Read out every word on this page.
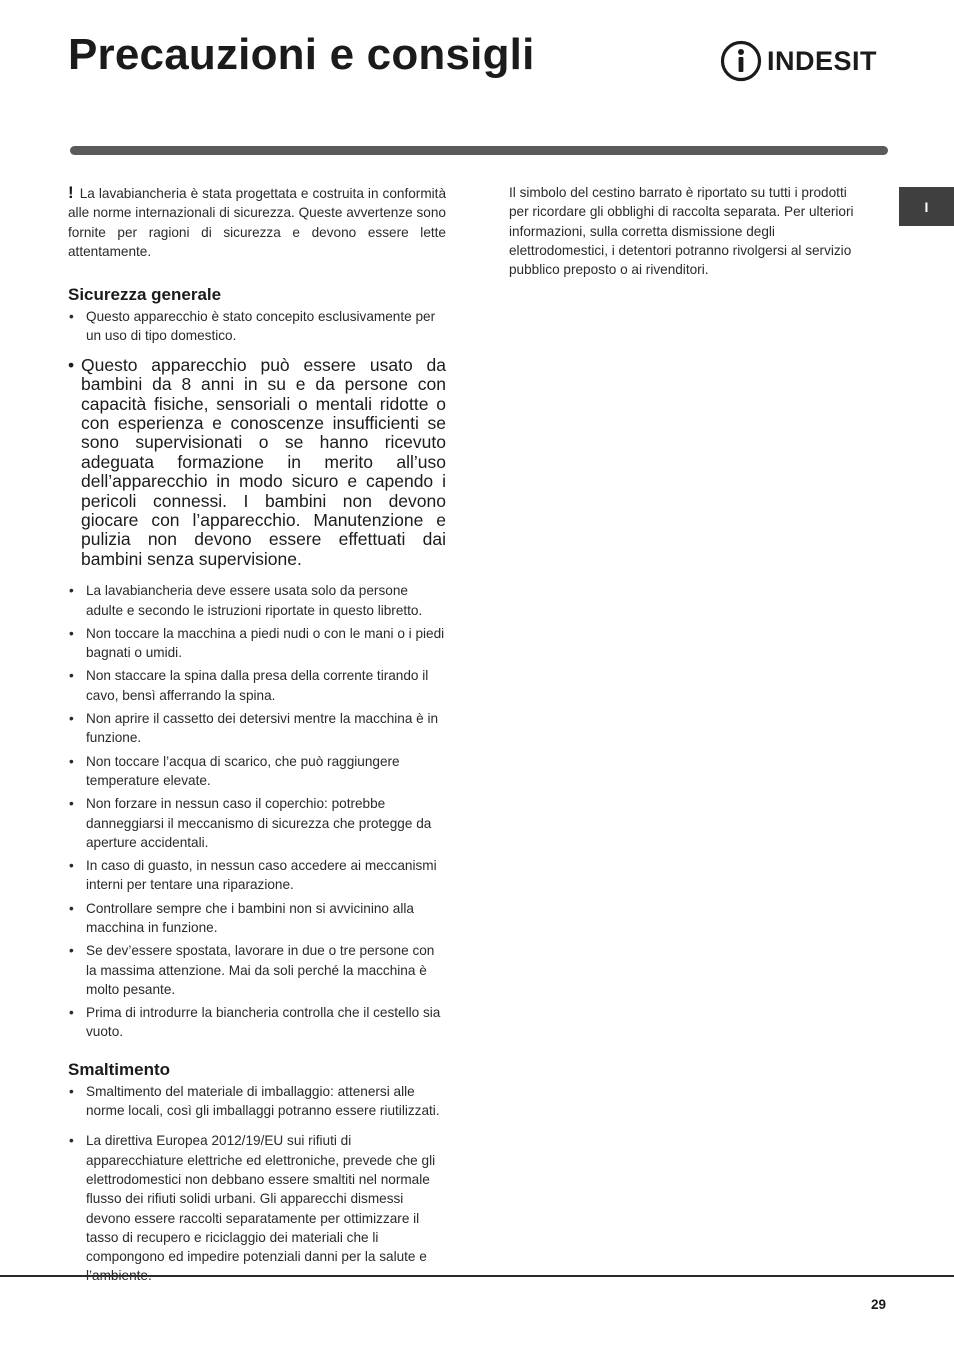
Precauzioni e consigli	INDESIT
I

! La lavabiancheria è stata progettata e costruita in conformità alle norme internazionali di sicurezza. Queste avvertenze sono fornite per ragioni di sicurezza e devono essere lette attentamente.

Sicurezza generale
• Questo apparecchio è stato concepito esclusivamente per un uso di tipo domestico.
• Questo apparecchio può essere usato da bambini da 8 anni in su e da persone con capacità fisiche, sensoriali o mentali ridotte o con esperienza e conoscenze insufficienti se sono supervisionati o se hanno ricevuto adeguata formazione in merito all’uso dell’apparecchio in modo sicuro e capendo i pericoli connessi. I bambini non devono giocare con l’apparecchio. Manutenzione e pulizia non devono essere effettuati dai bambini senza supervisione.
• La lavabiancheria deve essere usata solo da persone adulte e secondo le istruzioni riportate in questo libretto.
• Non toccare la macchina a piedi nudi o con le mani o i piedi bagnati o umidi.
• Non staccare la spina dalla presa della corrente tirando il cavo, bensì afferrando la spina.
• Non aprire il cassetto dei detersivi mentre la macchina è in funzione.
• Non toccare l’acqua di scarico, che può raggiungere temperature elevate.
• Non forzare in nessun caso il coperchio: potrebbe danneggiarsi il meccanismo di sicurezza che protegge da aperture accidentali.
• In caso di guasto, in nessun caso accedere ai meccanismi interni per tentare una riparazione.
• Controllare sempre che i bambini non si avvicinino alla macchina in funzione.
• Se dev’essere spostata, lavorare in due o tre persone con la massima attenzione. Mai da soli perché la macchina è molto pesante.
• Prima di introdurre la biancheria controlla che il cestello sia vuoto.
Smaltimento
• Smaltimento del materiale di imballaggio: attenersi alle norme locali, così gli imballaggi potranno essere riutilizzati.
• La direttiva Europea 2012/19/EU sui rifiuti di apparecchiature elettriche ed elettroniche, prevede che gli elettrodomestici non debbano essere smaltiti nel normale flusso dei rifiuti solidi urbani. Gli apparecchi dismessi devono essere raccolti separatamente per ottimizzare il tasso di recupero e riciclaggio dei materiali che li compongono ed impedire potenziali danni per la salute e

Il simbolo del cestino barrato è riportato su tutti i prodotti per ricordare gli obblighi di raccolta separata. Per ulteriori informazioni, sulla corretta dismissione degli elettrodomestici, i detentori potranno rivolgersi al servizio pubblico preposto o ai rivenditori.

29
